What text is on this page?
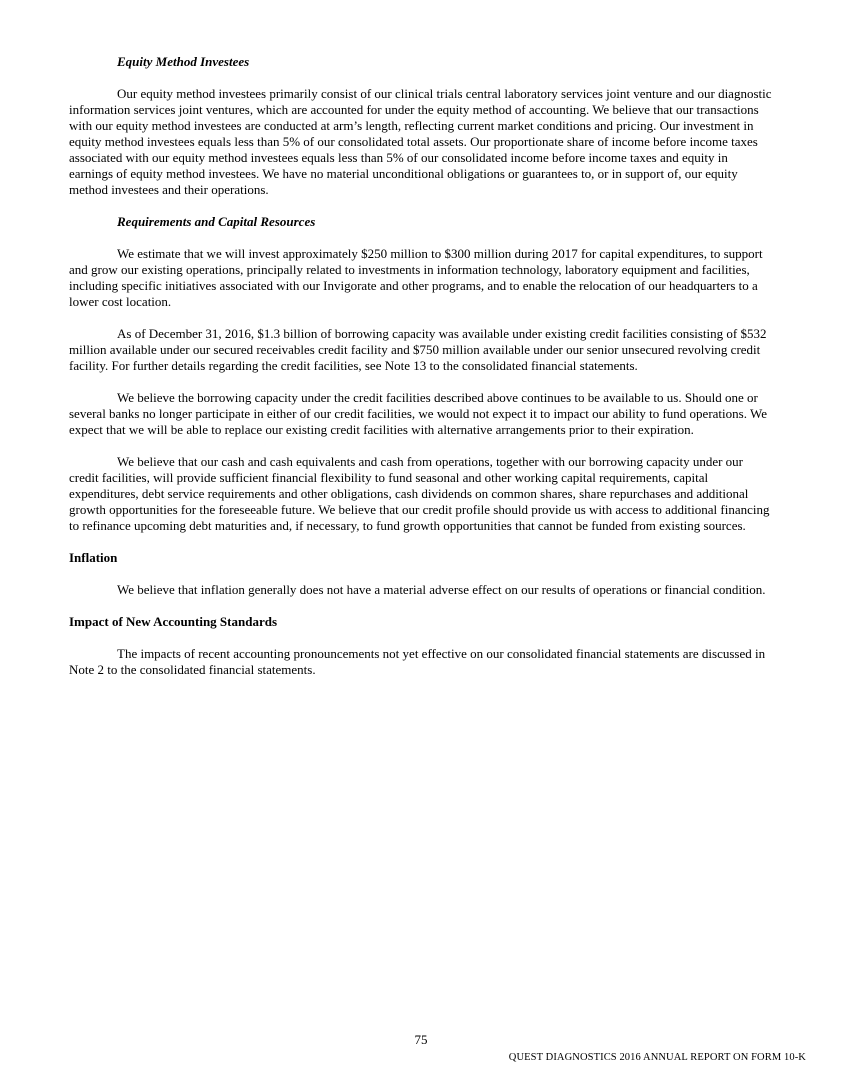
Equity Method Investees

Our equity method investees primarily consist of our clinical trials central laboratory services joint venture and our diagnostic information services joint ventures, which are accounted for under the equity method of accounting. We believe that our transactions with our equity method investees are conducted at arm’s length, reflecting current market conditions and pricing. Our investment in equity method investees equals less than 5% of our consolidated total assets. Our proportionate share of income before income taxes associated with our equity method investees equals less than 5% of our consolidated income before income taxes and equity in earnings of equity method investees. We have no material unconditional obligations or guarantees to, or in support of, our equity method investees and their operations.

Requirements and Capital Resources

We estimate that we will invest approximately $250 million to $300 million during 2017 for capital expenditures, to support and grow our existing operations, principally related to investments in information technology, laboratory equipment and facilities, including specific initiatives associated with our Invigorate and other programs, and to enable the relocation of our headquarters to a lower cost location.

As of December 31, 2016, $1.3 billion of borrowing capacity was available under existing credit facilities consisting of $532 million available under our secured receivables credit facility and $750 million available under our senior unsecured revolving credit facility. For further details regarding the credit facilities, see Note 13 to the consolidated financial statements.

We believe the borrowing capacity under the credit facilities described above continues to be available to us. Should one or several banks no longer participate in either of our credit facilities, we would not expect it to impact our ability to fund operations. We expect that we will be able to replace our existing credit facilities with alternative arrangements prior to their expiration.

We believe that our cash and cash equivalents and cash from operations, together with our borrowing capacity under our credit facilities, will provide sufficient financial flexibility to fund seasonal and other working capital requirements, capital expenditures, debt service requirements and other obligations, cash dividends on common shares, share repurchases and additional growth opportunities for the foreseeable future. We believe that our credit profile should provide us with access to additional financing to refinance upcoming debt maturities and, if necessary, to fund growth opportunities that cannot be funded from existing sources.

Inflation

We believe that inflation generally does not have a material adverse effect on our results of operations or financial condition.

Impact of New Accounting Standards

The impacts of recent accounting pronouncements not yet effective on our consolidated financial statements are discussed in Note 2 to the consolidated financial statements.

75
QUEST DIAGNOSTICS 2016 ANNUAL REPORT ON FORM 10-K
